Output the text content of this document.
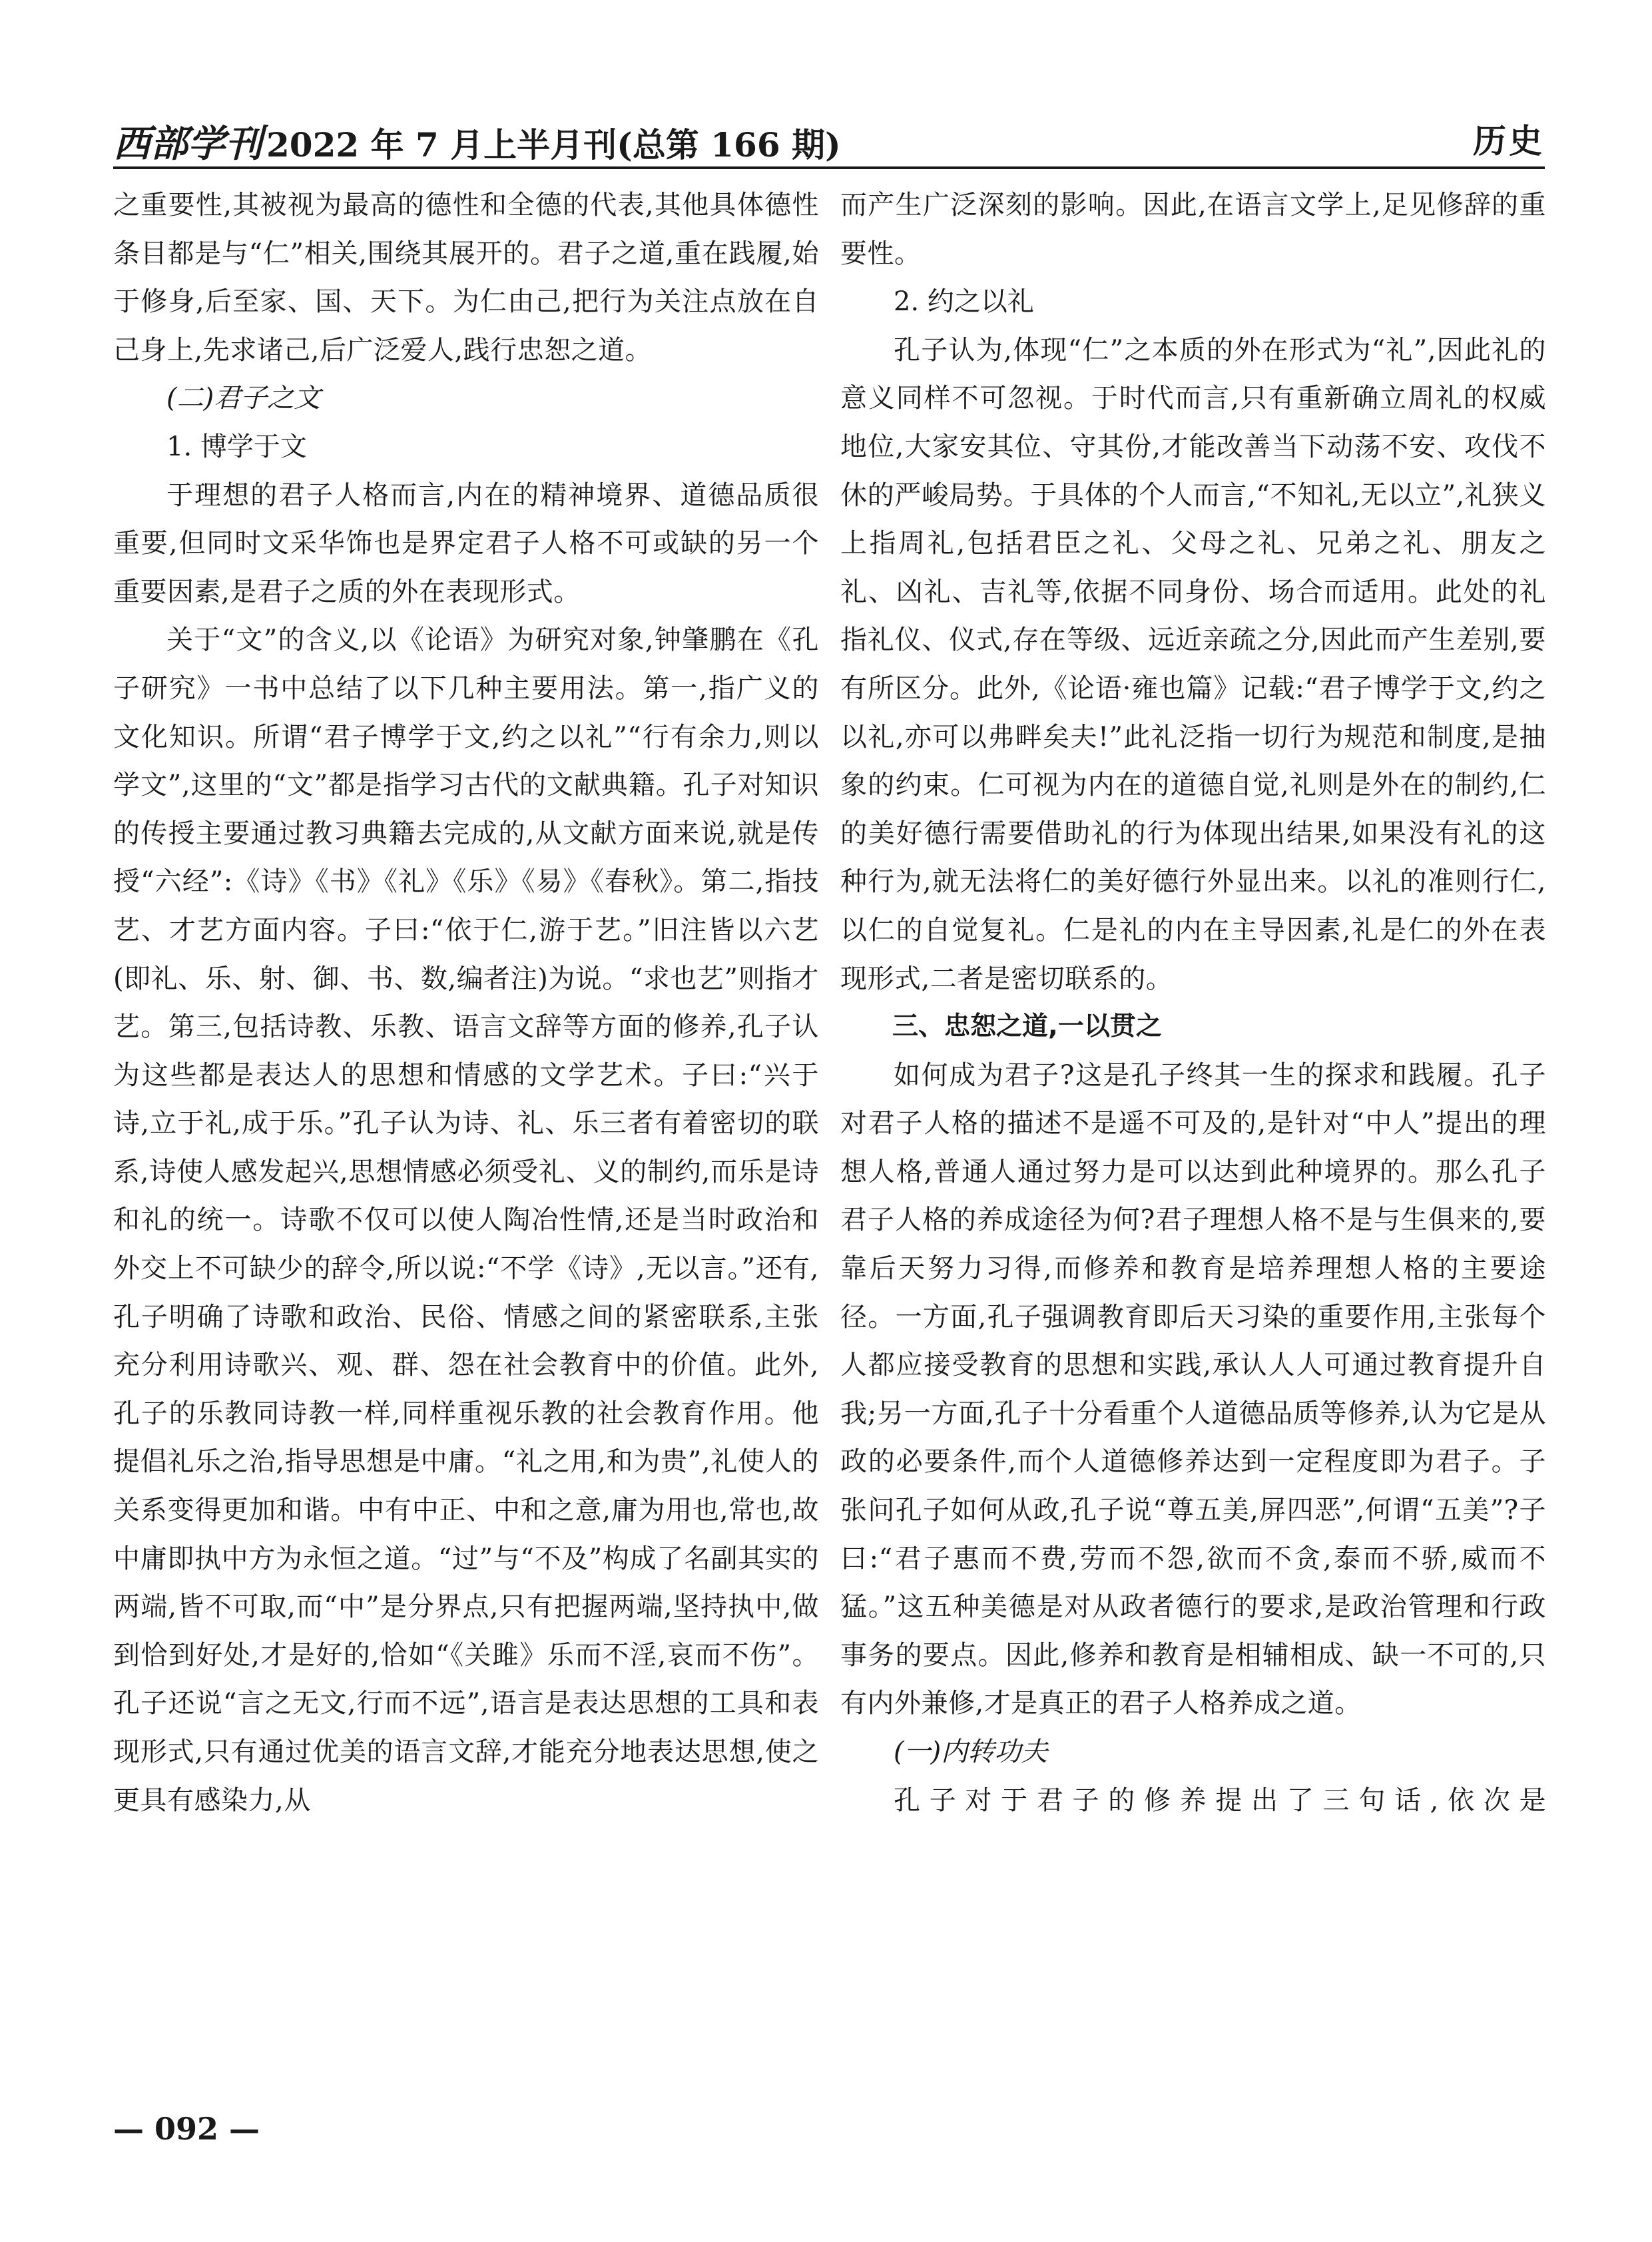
西部学刊 2022 年 7 月上半月刊(总第 166 期)	历史

之重要性,其被视为最高的德性和全德的代表,其他具体德性条目都是与“仁”相关,围绕其展开的。君子之道,重在践履,始于修身,后至家、国、天下。为仁由己,把行为关注点放在自己身上,先求诸己,后广泛爱人,践行忠恕之道。

(二)君子之文

1. 博学于文

于理想的君子人格而言,内在的精神境界、道德品质很重要,但同时文采华饰也是界定君子人格不可或缺的另一个重要因素,是君子之质的外在表现形式。

关于“文”的含义,以《论语》为研究对象,钟肇鹏在《孔子研究》一书中总结了以下几种主要用法。第一,指广义的文化知识。所谓“君子博学于文,约之以礼”“行有余力,则以学文”,这里的“文”都是指学习古代的文献典籍。孔子对知识的传授主要通过教习典籍去完成的,从文献方面来说,就是传授“六经”:《诗》《书》《礼》《乐》《易》《春秋》。第二,指技艺、才艺方面内容。子曰:“依于仁,游于艺。”旧注皆以六艺(即礼、乐、射、御、书、数,编者注)为说。“求也艺”则指才艺。第三,包括诗教、乐教、语言文辞等方面的修养,孔子认为这些都是表达人的思想和情感的文学艺术。子曰:“兴于诗,立于礼,成于乐。”孔子认为诗、礼、乐三者有着密切的联系,诗使人感发起兴,思想情感必须受礼、义的制约,而乐是诗和礼的统一。诗歌不仅可以使人陶冶性情,还是当时政治和外交上不可缺少的辞令,所以说:“不学《诗》,无以言。”还有,孔子明确了诗歌和政治、民俗、情感之间的紧密联系,主张充分利用诗歌兴、观、群、怨在社会教育中的价值。此外,孔子的乐教同诗教一样,同样重视乐教的社会教育作用。他提倡礼乐之治,指导思想是中庸。“礼之用,和为贵”,礼使人的关系变得更加和谐。中有中正、中和之意,庸为用也,常也,故中庸即执中方为永恒之道。“过”与“不及”构成了名副其实的两端,皆不可取,而“中”是分界点,只有把握两端,坚持执中,做到恰到好处,才是好的,恰如“《关雎》乐而不淫,哀而不伤”。孔子还说“言之无文,行而不远”,语言是表达思想的工具和表现形式,只有通过优美的语言文辞,才能充分地表达思想,使之更具有感染力,从

而产生广泛深刻的影响。因此,在语言文学上,足见修辞的重要性。

2. 约之以礼

孔子认为,体现“仁”之本质的外在形式为“礼”,因此礼的意义同样不可忽视。于时代而言,只有重新确立周礼的权威地位,大家安其位、守其份,才能改善当下动荡不安、攻伐不休的严峻局势。于具体的个人而言,“不知礼,无以立”,礼狭义上指周礼,包括君臣之礼、父母之礼、兄弟之礼、朋友之礼、凶礼、吉礼等,依据不同身份、场合而适用。此处的礼指礼仪、仪式,存在等级、远近亲疏之分,因此而产生差别,要有所区分。此外,《论语·雍也篇》记载:“君子博学于文,约之以礼,亦可以弗畔矣夫!”此礼泛指一切行为规范和制度,是抽象的约束。仁可视为内在的道德自觉,礼则是外在的制约,仁的美好德行需要借助礼的行为体现出结果,如果没有礼的这种行为,就无法将仁的美好德行外显出来。以礼的准则行仁,以仁的自觉复礼。仁是礼的内在主导因素,礼是仁的外在表现形式,二者是密切联系的。

三、忠恕之道,一以贯之

如何成为君子?这是孔子终其一生的探求和践履。孔子对君子人格的描述不是遥不可及的,是针对“中人”提出的理想人格,普通人通过努力是可以达到此种境界的。那么孔子君子人格的养成途径为何?君子理想人格不是与生俱来的,要靠后天努力习得,而修养和教育是培养理想人格的主要途径。一方面,孔子强调教育即后天习染的重要作用,主张每个人都应接受教育的思想和实践,承认人人可通过教育提升自我;另一方面,孔子十分看重个人道德品质等修养,认为它是从政的必要条件,而个人道德修养达到一定程度即为君子。子张问孔子如何从政,孔子说“尊五美,屏四恶”,何谓“五美”?子曰:“君子惠而不费,劳而不怨,欲而不贪,泰而不骄,威而不猛。”这五种美德是对从政者德行的要求,是政治管理和行政事务的要点。因此,修养和教育是相辅相成、缺一不可的,只有内外兼修,才是真正的君子人格养成之道。

(一)内转功夫

孔子对于君子的修养提出了三句话,依次是

— 092 —
